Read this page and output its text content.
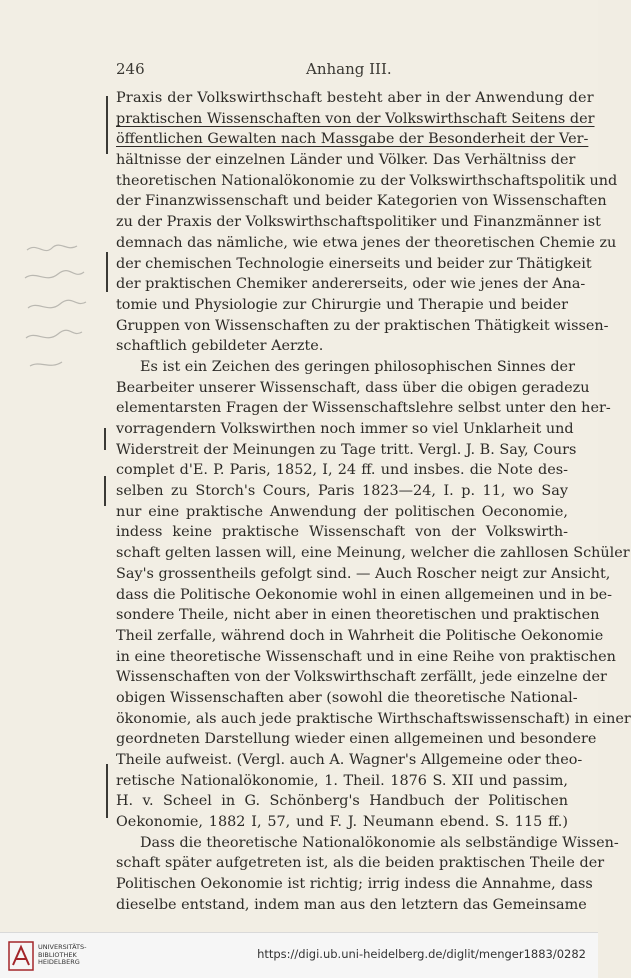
246	Anhang III.
Praxis der Volkswirthschaft besteht aber in der Anwendung der
praktischen Wissenschaften von der Volkswirthschaft Seitens der
öffentlichen Gewalten nach Massgabe der Besonderheit der Ver-
hältnisse der einzelnen Länder und Völker. Das Verhältniss der
theoretischen Nationalökonomie zu der Volkswirthschaftspolitik und
der Finanzwissenschaft und beider Kategorien von Wissenschaften
zu der Praxis der Volkswirthschaftspolitiker und Finanzmänner ist
demnach das nämliche, wie etwa jenes der theoretischen Chemie zu
der chemischen Technologie einerseits und beider zur Thätigkeit
der praktischen Chemiker andererseits, oder wie jenes der Ana-
tomie und Physiologie zur Chirurgie und Therapie und beider
Gruppen von Wissenschaften zu der praktischen Thätigkeit wissen-
schaftlich gebildeter Aerzte.
Es ist ein Zeichen des geringen philosophischen Sinnes der
Bearbeiter unserer Wissenschaft, dass über die obigen geradezu
elementarsten Fragen der Wissenschaftslehre selbst unter den her-
vorragendern Volkswirthen noch immer so viel Unklarheit und
Widerstreit der Meinungen zu Tage tritt. Vergl. J. B. Say, Cours
complet d'E. P. Paris, 1852, I, 24 ff. und insbes. die Note des-
selben zu Storch's Cours, Paris 1823—24, I. p. 11, wo Say
nur eine praktische Anwendung der politischen Oeconomie,
indess keine praktische Wissenschaft von der Volkswirth-
schaft gelten lassen will, eine Meinung, welcher die zahllosen Schüler
Say's grossentheils gefolgt sind. — Auch Roscher neigt zur Ansicht,
dass die Politische Oekonomie wohl in einen allgemeinen und in be-
sondere Theile, nicht aber in einen theoretischen und praktischen
Theil zerfalle, während doch in Wahrheit die Politische Oekonomie
in eine theoretische Wissenschaft und in eine Reihe von praktischen
Wissenschaften von der Volkswirthschaft zerfällt, jede einzelne der
obigen Wissenschaften aber (sowohl die theoretische National-
ökonomie, als auch jede praktische Wirthschaftswissenschaft) in einer
geordneten Darstellung wieder einen allgemeinen und besondere
Theile aufweist. (Vergl. auch A. Wagner's Allgemeine oder theo-
retische Nationalökonomie, 1. Theil. 1876 S. XII und passim,
H. v. Scheel in G. Schönberg's Handbuch der Politischen
Oekonomie, 1882 I, 57, und F. J. Neumann ebend. S. 115 ff.)
Dass die theoretische Nationalökonomie als selbständige Wissen-
schaft später aufgetreten ist, als die beiden praktischen Theile der
Politischen Oekonomie ist richtig; irrig indess die Annahme, dass
dieselbe entstand, indem man aus den letztern das Gemeinsame
UNIVERSITÄTS-
BIBLIOTHEK
HEIDELBERG
https://digi.ub.uni-heidelberg.de/diglit/menger1883/0282
